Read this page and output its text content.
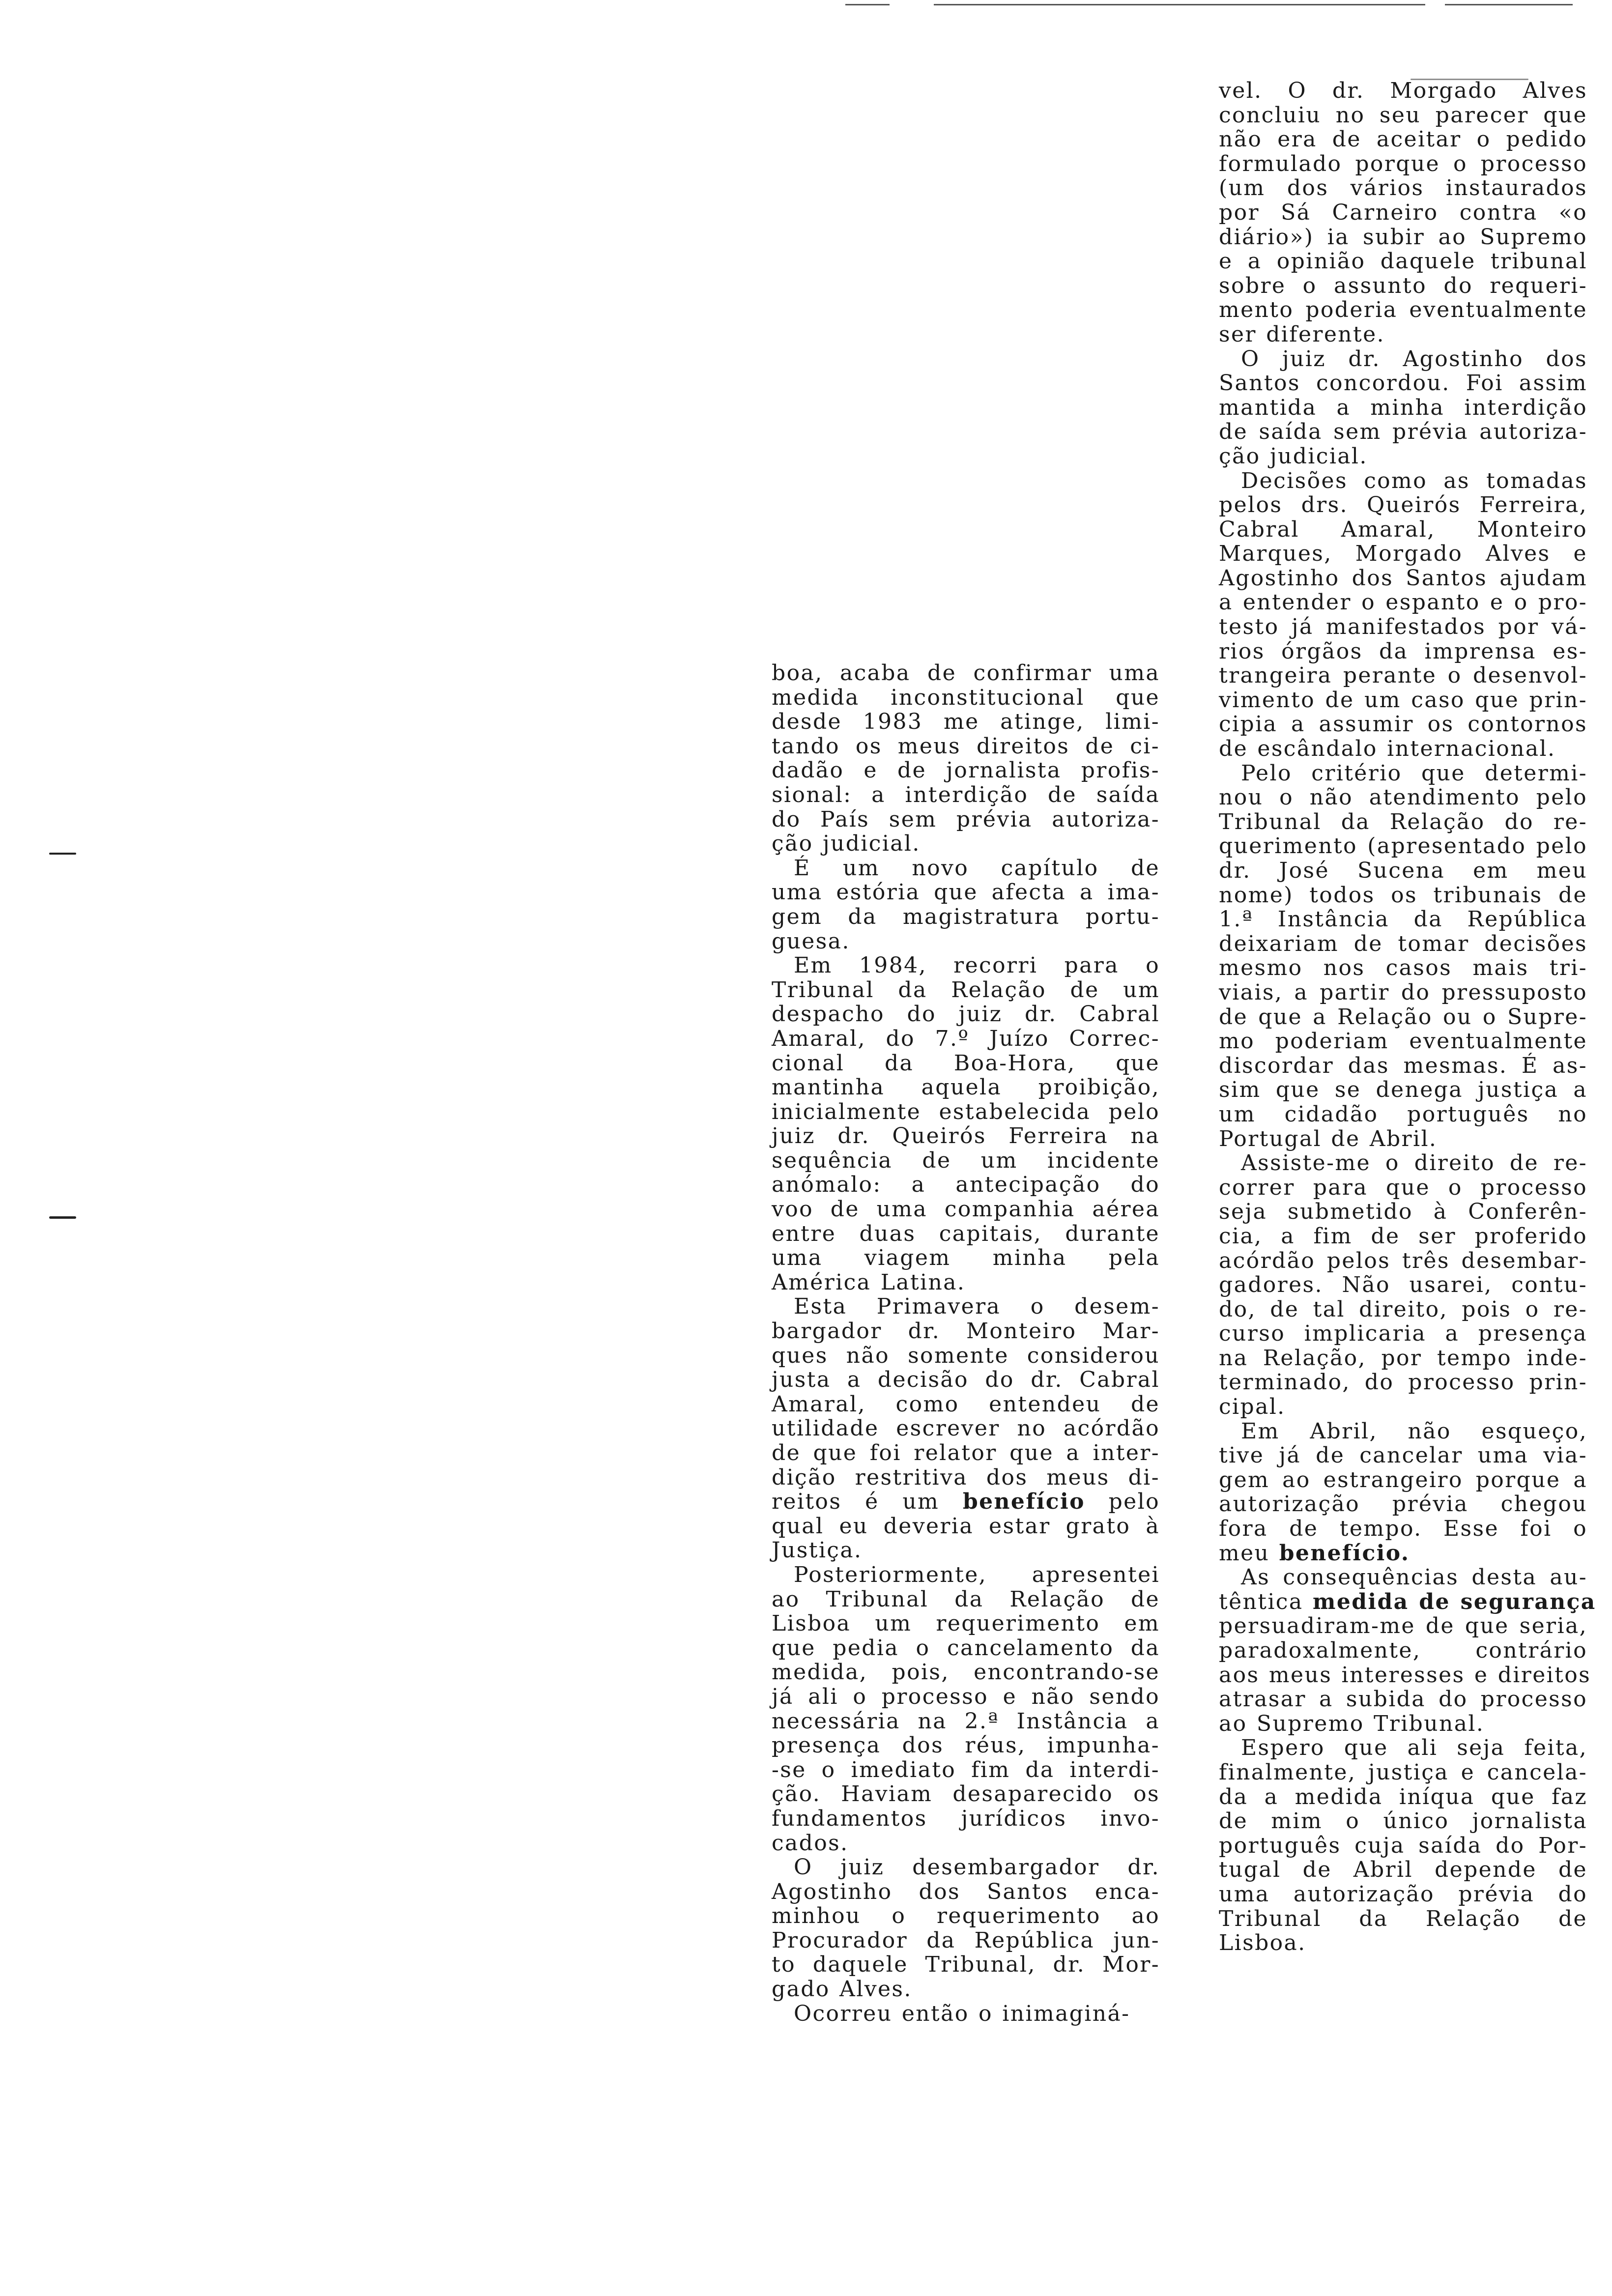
boa, acaba de confirmar uma
medida inconstitucional que
desde 1983 me atinge, limi-
tando os meus direitos de ci-
dadão e de jornalista profis-
sional: a interdição de saída
do País sem prévia autoriza-
ção judicial.
É um novo capítulo de
uma estória que afecta a ima-
gem da magistratura portu-
guesa.
Em 1984, recorri para o
Tribunal da Relação de um
despacho do juiz dr. Cabral
Amaral, do 7.º Juízo Correc-
cional da Boa-Hora, que
mantinha aquela proibição,
inicialmente estabelecida pelo
juiz dr. Queirós Ferreira na
sequência de um incidente
anómalo: a antecipação do
voo de uma companhia aérea
entre duas capitais, durante
uma viagem minha pela
América Latina.
Esta Primavera o desem-
bargador dr. Monteiro Mar-
ques não somente considerou
justa a decisão do dr. Cabral
Amaral, como entendeu de
utilidade escrever no acórdão
de que foi relator que a inter-
dição restritiva dos meus di-
reitos é um benefício pelo
qual eu deveria estar grato à
Justiça.
Posteriormente, apresentei
ao Tribunal da Relação de
Lisboa um requerimento em
que pedia o cancelamento da
medida, pois, encontrando-se
já ali o processo e não sendo
necessária na 2.ª Instância a
presença dos réus, impunha-
-se o imediato fim da interdi-
ção. Haviam desaparecido os
fundamentos jurídicos invo-
cados.
O juiz desembargador dr.
Agostinho dos Santos enca-
minhou o requerimento ao
Procurador da República jun-
to daquele Tribunal, dr. Mor-
gado Alves.
Ocorreu então o inimaginá-
vel. O dr. Morgado Alves
concluiu no seu parecer que
não era de aceitar o pedido
formulado porque o processo
(um dos vários instaurados
por Sá Carneiro contra «o
diário») ia subir ao Supremo
e a opinião daquele tribunal
sobre o assunto do requeri-
mento poderia eventualmente
ser diferente.
O juiz dr. Agostinho dos
Santos concordou. Foi assim
mantida a minha interdição
de saída sem prévia autoriza-
ção judicial.
Decisões como as tomadas
pelos drs. Queirós Ferreira,
Cabral Amaral, Monteiro
Marques, Morgado Alves e
Agostinho dos Santos ajudam
a entender o espanto e o pro-
testo já manifestados por vá-
rios órgãos da imprensa es-
trangeira perante o desenvol-
vimento de um caso que prin-
cipia a assumir os contornos
de escândalo internacional.
Pelo critério que determi-
nou o não atendimento pelo
Tribunal da Relação do re-
querimento (apresentado pelo
dr. José Sucena em meu
nome) todos os tribunais de
1.ª Instância da República
deixariam de tomar decisões
mesmo nos casos mais tri-
viais, a partir do pressuposto
de que a Relação ou o Supre-
mo poderiam eventualmente
discordar das mesmas. É as-
sim que se denega justiça a
um cidadão português no
Portugal de Abril.
Assiste-me o direito de re-
correr para que o processo
seja submetido à Conferên-
cia, a fim de ser proferido
acórdão pelos três desembar-
gadores. Não usarei, contu-
do, de tal direito, pois o re-
curso implicaria a presença
na Relação, por tempo inde-
terminado, do processo prin-
cipal.
Em Abril, não esqueço,
tive já de cancelar uma via-
gem ao estrangeiro porque a
autorização prévia chegou
fora de tempo. Esse foi o
meu benefício.
As consequências desta au-
têntica medida de segurança
persuadiram-me de que seria,
paradoxalmente, contrário
aos meus interesses e direitos
atrasar a subida do processo
ao Supremo Tribunal.
Espero que ali seja feita,
finalmente, justiça e cancela-
da a medida iníqua que faz
de mim o único jornalista
português cuja saída do Por-
tugal de Abril depende de
uma autorização prévia do
Tribunal da Relação de
Lisboa.
